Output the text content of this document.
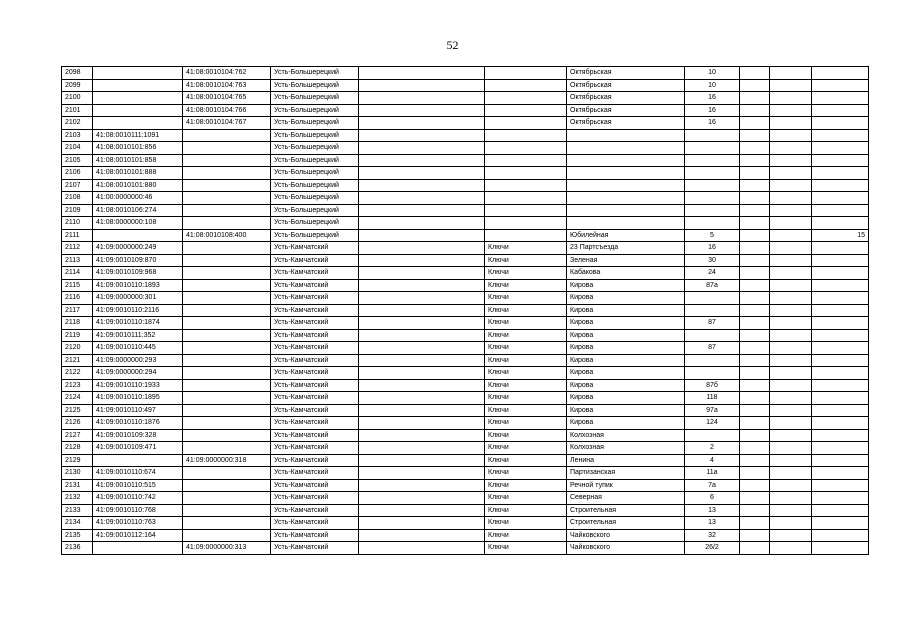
52
2098		41:08:0010104:762	Усть-Большерецкий			Октябрьская	10			
2099		41:08:0010104:763	Усть-Большерецкий			Октябрьская	10			
2100		41:08:0010104:765	Усть-Большерецкий			Октябрьская	16			
2101		41:08:0010104:766	Усть-Большерецкий			Октябрьская	16			
2102		41:08:0010104:767	Усть-Большерецкий			Октябрьская	16			
2103	41:08:0010111:1091		Усть-Большерецкий							
2104	41:08:0010101:856		Усть-Большерецкий							
2105	41:08:0010101:858		Усть-Большерецкий							
2106	41:08:0010101:888		Усть-Большерецкий							
2107	41:08:0010101:880		Усть-Большерецкий							
2108	41:00:0000000:46		Усть-Большерецкий							
2109	41:08:0010106:274		Усть-Большерецкий							
2110	41:08:0000000:108		Усть-Большерецкий							
2111		41:08:0010108:400	Усть-Большерецкий			Юбилейная	5			15
2112	41:09:0000000:249		Усть-Камчатский		Ключи	23 Партсъезда	16			
2113	41:09:0010109:870		Усть-Камчатский		Ключи	Зеленая	30			
2114	41:09:0010109:968		Усть-Камчатский		Ключи	Кабакова	24			
2115	41:09:0010110:1893		Усть-Камчатский		Ключи	Кирова	87а			
2116	41:09:0000000:301		Усть-Камчатский		Ключи	Кирова				
2117	41:09:0010110:2116		Усть-Камчатский		Ключи	Кирова				
2118	41:09:0010110:1874		Усть-Камчатский		Ключи	Кирова	87			
2119	41:09:0010111:352		Усть-Камчатский		Ключи	Кирова				
2120	41:09:0010110:445		Усть-Камчатский		Ключи	Кирова	87			
2121	41:09:0000000:293		Усть-Камчатский		Ключи	Кирова				
2122	41:09:0000000:294		Усть-Камчатский		Ключи	Кирова				
2123	41:09:0010110:1933		Усть-Камчатский		Ключи	Кирова	87б			
2124	41:09:0010110:1895		Усть-Камчатский		Ключи	Кирова	118			
2125	41:09:0010110:497		Усть-Камчатский		Ключи	Кирова	97а			
2126	41:09:0010110:1876		Усть-Камчатский		Ключи	Кирова	124			
2127	41:09:0010109:328		Усть-Камчатский		Ключи	Колхозная				
2128	41:09:0010109:471		Усть-Камчатский		Ключи	Колхозная	2			
2129		41:09:0000000:318	Усть-Камчатский		Ключи	Ленина	4			
2130	41:09:0010110:674		Усть-Камчатский		Ключи	Партизанская	11а			
2131	41:09:0010110:515		Усть-Камчатский		Ключи	Речной тупик	7а			
2132	41:09:0010110:742		Усть-Камчатский		Ключи	Северная	6			
2133	41:09:0010110:768		Усть-Камчатский		Ключи	Строительная	13			
2134	41:09:0010110:763		Усть-Камчатский		Ключи	Строительная	13			
2135	41:09:0010112:164		Усть-Камчатский		Ключи	Чайковского	32			
2136		41:09:0000000:313	Усть-Камчатский		Ключи	Чайковского	26/2			
